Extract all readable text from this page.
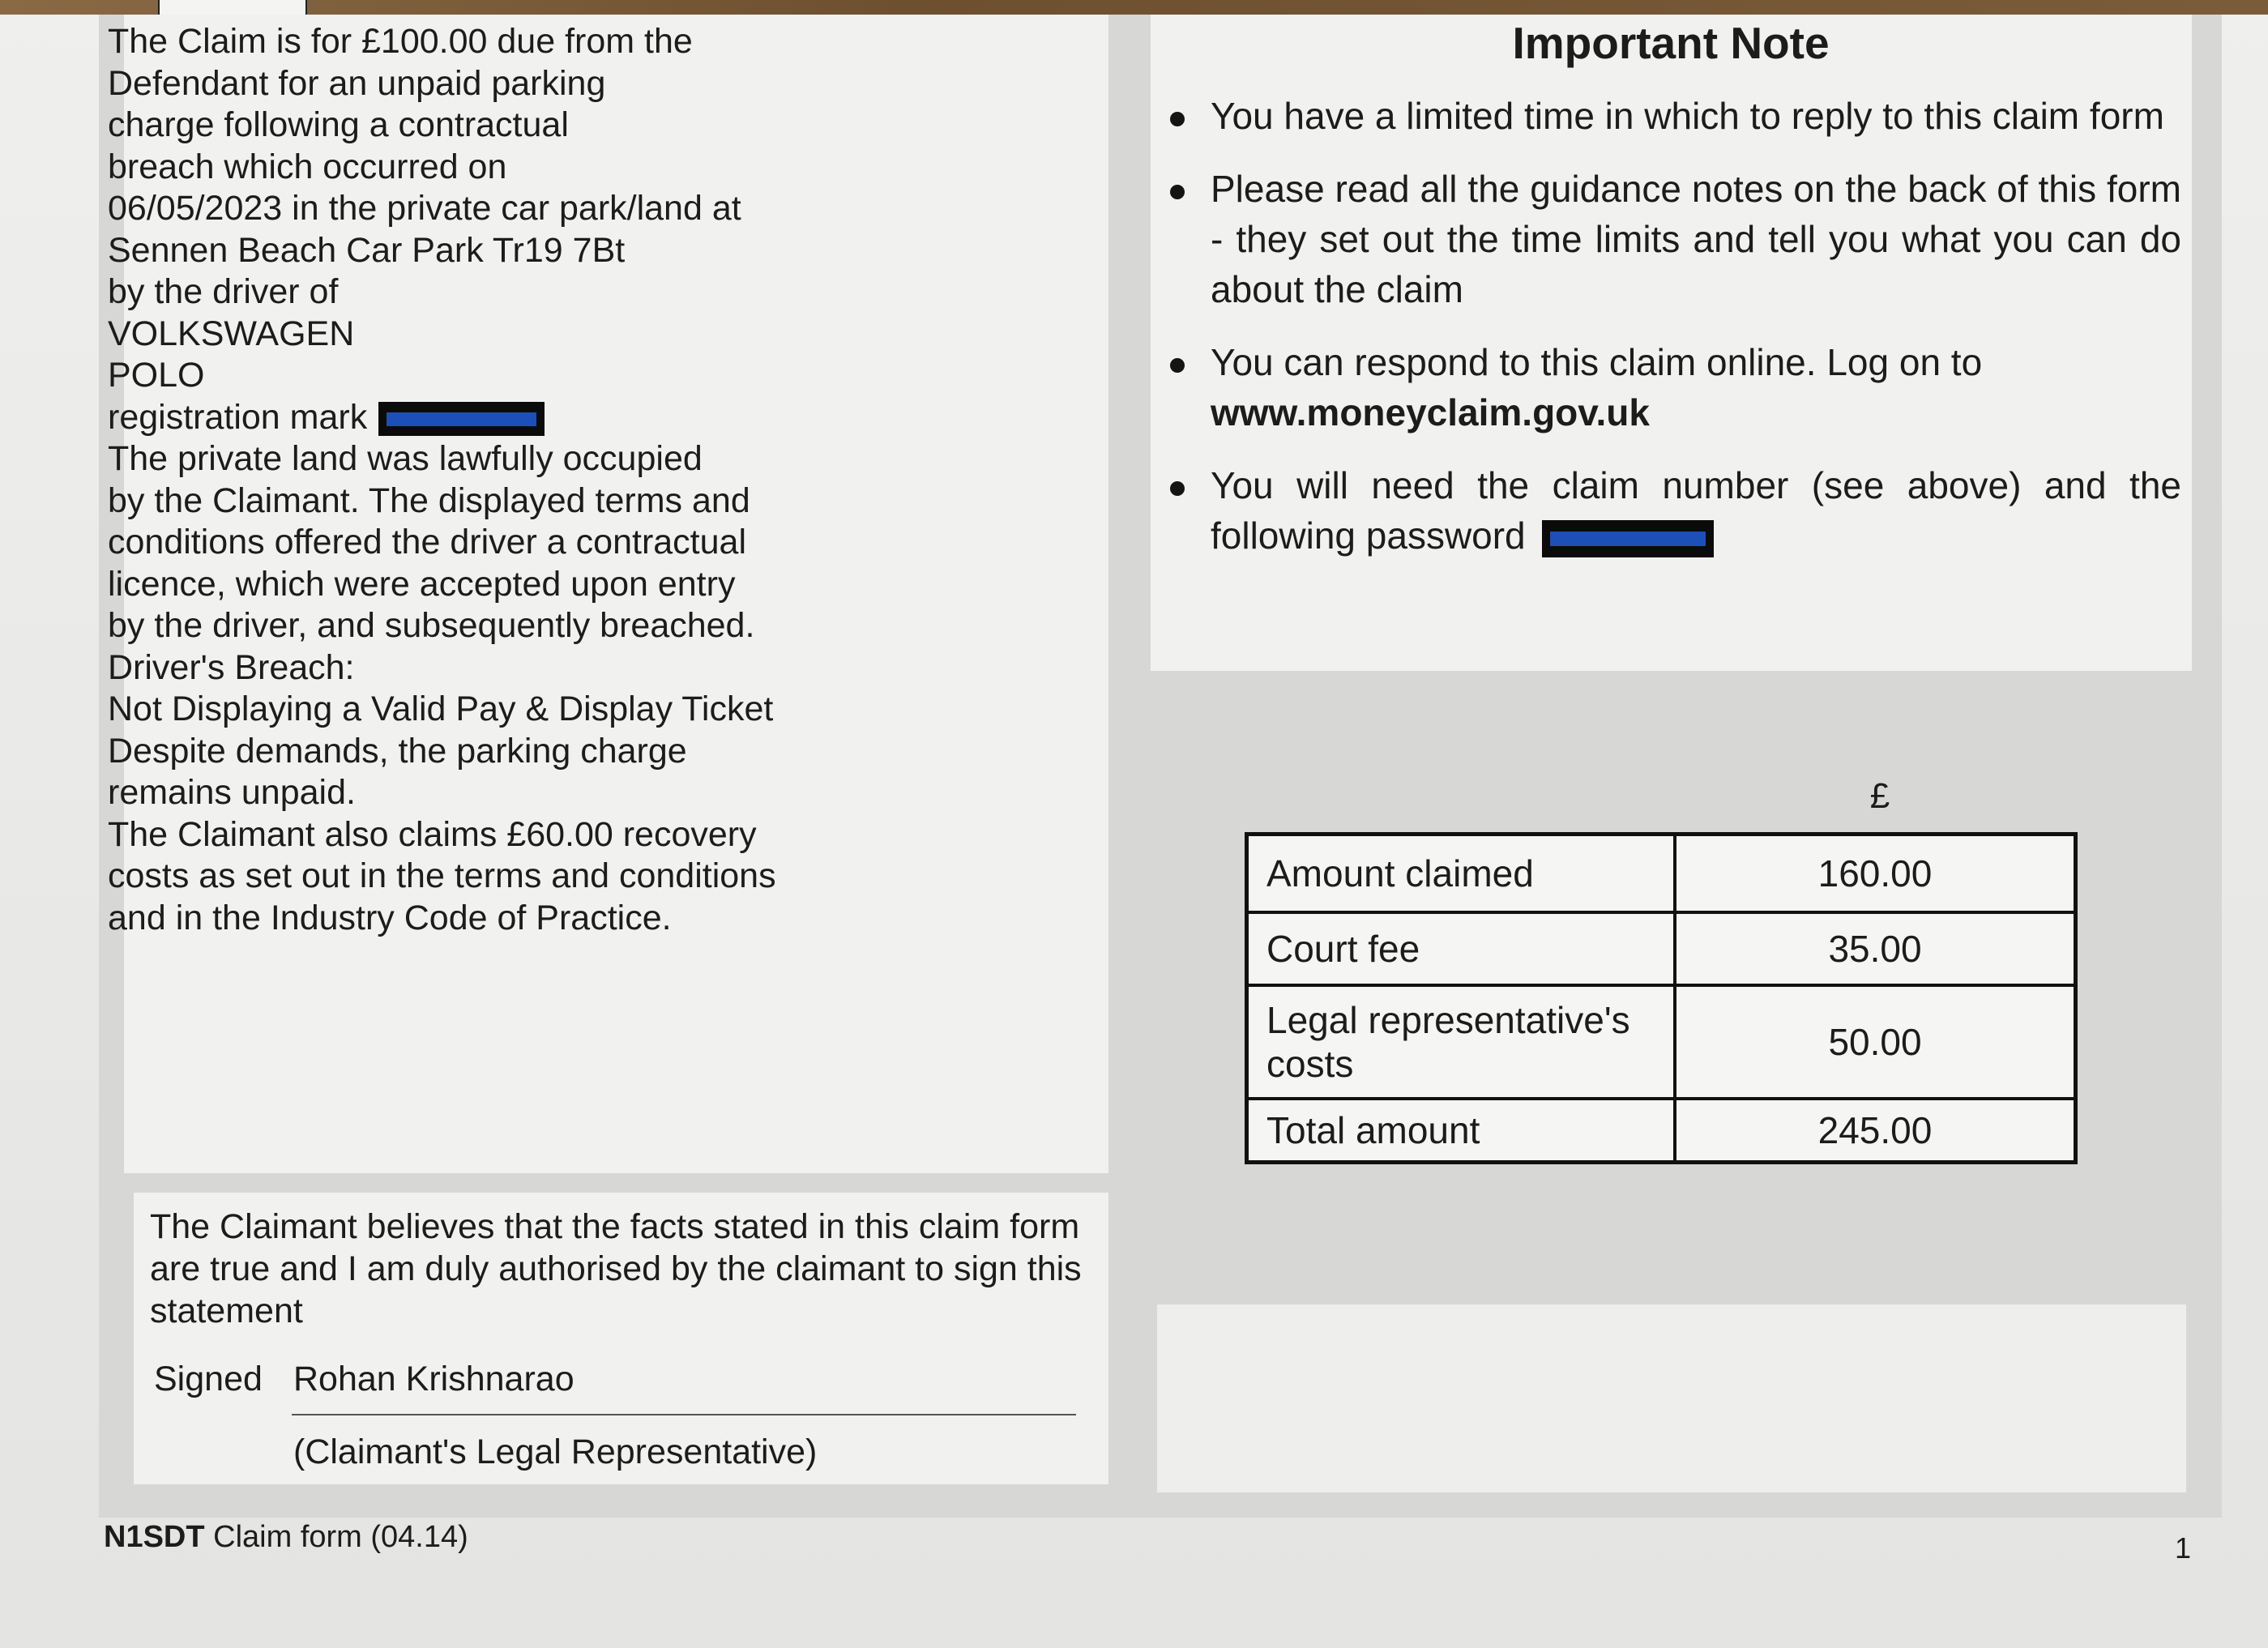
The Claim is for £100.00 due from the
Defendant for an unpaid parking
charge following a contractual
breach which occurred on
06/05/2023 in the private car park/land at
Sennen Beach Car Park Tr19 7Bt
by the driver of
VOLKSWAGEN
POLO
registration mark
The private land was lawfully occupied
by the Claimant. The displayed terms and
conditions offered the driver a contractual
licence, which were accepted upon entry
by the driver, and subsequently breached.
Driver's Breach:
Not Displaying a Valid Pay & Display Ticket
Despite demands, the parking charge
remains unpaid.
The Claimant also claims £60.00 recovery
costs as set out in the terms and conditions
and in the Industry Code of Practice.

Important Note
You have a limited time in which to reply to this claim form
Please read all the guidance notes on the back of this form - they set out the time limits and tell you what you can do about the claim
You can respond to this claim online. Log on to
www.moneyclaim.gov.uk
You will need the claim number (see above) and the following password
£
Amount claimed	160.00
Court fee	35.00
Legal representative's costs	50.00
Total amount	245.00

The Claimant believes that the facts stated in this claim form are true and I am duly authorised by the claimant to sign this statement

Signed Rohan Krishnarao
(Claimant's Legal Representative)
N1SDT Claim form (04.14)	1
